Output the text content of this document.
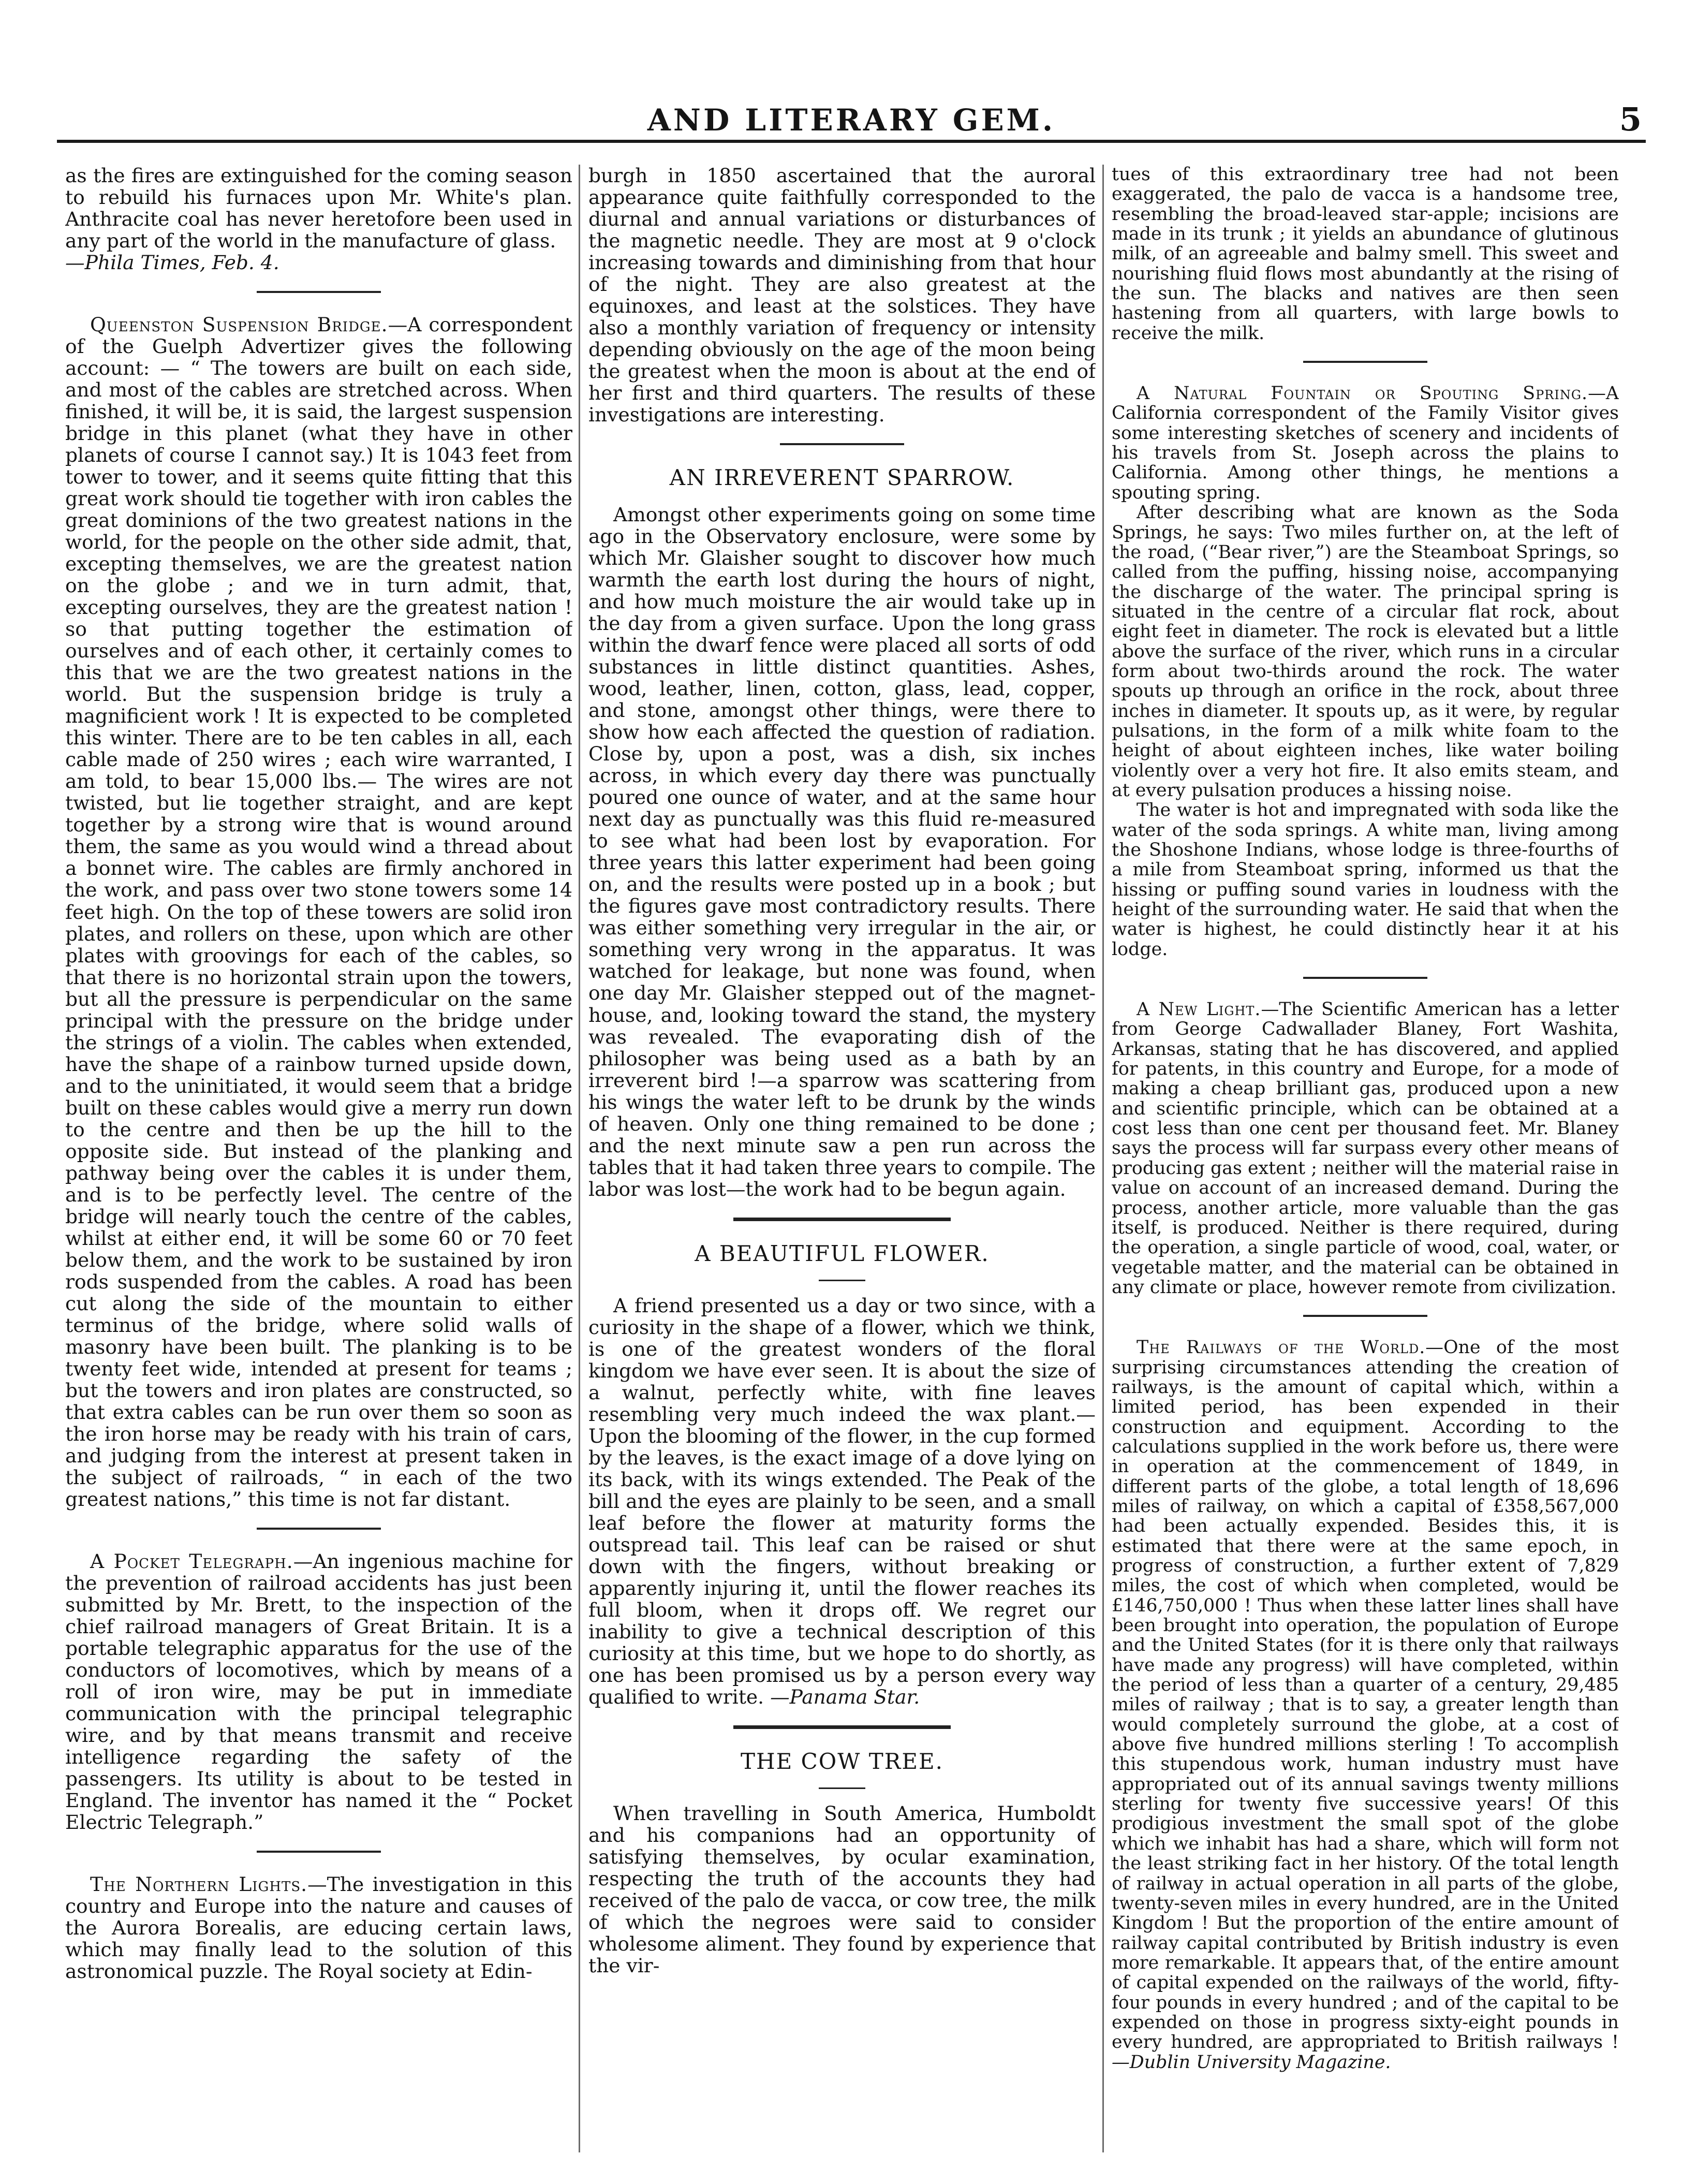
AND LITERARY GEM.	5

as the fires are extinguished for the coming season to rebuild his furnaces upon Mr. White's plan. Anthracite coal has never heretofore been used in any part of the world in the manufacture of glass.
—Phila Times, Feb. 4.

Queenston Suspension Bridge.—A correspondent of the Guelph Advertizer gives the following account: — “ The towers are built on each side, and most of the cables are stretched across. When finished, it will be, it is said, the largest suspension bridge in this planet (what they have in other planets of course I cannot say.) It is 1043 feet from tower to tower, and it seems quite fitting that this great work should tie together with iron cables the great dominions of the two greatest nations in the world, for the people on the other side admit, that, excepting themselves, we are the greatest nation on the globe ; and we in turn admit, that, excepting ourselves, they are the greatest nation ! so that putting together the estimation of ourselves and of each other, it certainly comes to this that we are the two greatest nations in the world. But the suspension bridge is truly a magnificient work ! It is expected to be completed this winter. There are to be ten cables in all, each cable made of 250 wires ; each wire warranted, I am told, to bear 15,000 lbs.— The wires are not twisted, but lie together straight, and are kept together by a strong wire that is wound around them, the same as you would wind a thread about a bonnet wire. The cables are firmly anchored in the work, and pass over two stone towers some 14 feet high. On the top of these towers are solid iron plates, and rollers on these, upon which are other plates with groovings for each of the cables, so that there is no horizontal strain upon the towers, but all the pressure is perpendicular on the same principal with the pressure on the bridge under the strings of a violin. The cables when extended, have the shape of a rainbow turned upside down, and to the uninitiated, it would seem that a bridge built on these cables would give a merry run down to the centre and then be up the hill to the opposite side. But instead of the planking and pathway being over the cables it is under them, and is to be perfectly level. The centre of the bridge will nearly touch the centre of the cables, whilst at either end, it will be some 60 or 70 feet below them, and the work to be sustained by iron rods suspended from the cables. A road has been cut along the side of the mountain to either terminus of the bridge, where solid walls of masonry have been built. The planking is to be twenty feet wide, intended at present for teams ; but the towers and iron plates are constructed, so that extra cables can be run over them so soon as the iron horse may be ready with his train of cars, and judging from the interest at present taken in the subject of railroads, “ in each of the two greatest nations,” this time is not far distant.

A Pocket Telegraph.—An ingenious machine for the prevention of railroad accidents has just been submitted by Mr. Brett, to the inspection of the chief railroad managers of Great Britain. It is a portable telegraphic apparatus for the use of the conductors of locomotives, which by means of a roll of iron wire, may be put in immediate communication with the principal telegraphic wire, and by that means transmit and receive intelligence regarding the safety of the passengers. Its utility is about to be tested in England. The inventor has named it the “ Pocket Electric Telegraph.”

The Northern Lights.—The investigation in this country and Europe into the nature and causes of the Aurora Borealis, are educing certain laws, which may finally lead to the solution of this astronomical puzzle. The Royal society at Edin-

burgh in 1850 ascertained that the auroral appearance quite faithfully corresponded to the diurnal and annual variations or disturbances of the magnetic needle. They are most at 9 o'clock increasing towards and diminishing from that hour of the night. They are also greatest at the equinoxes, and least at the solstices. They have also a monthly variation of frequency or intensity depending obviously on the age of the moon being the greatest when the moon is about at the end of her first and third quarters. The results of these investigations are interesting.

AN IRREVERENT SPARROW.

Amongst other experiments going on some time ago in the Observatory enclosure, were some by which Mr. Glaisher sought to discover how much warmth the earth lost during the hours of night, and how much moisture the air would take up in the day from a given surface. Upon the long grass within the dwarf fence were placed all sorts of odd substances in little distinct quantities. Ashes, wood, leather, linen, cotton, glass, lead, copper, and stone, amongst other things, were there to show how each affected the question of radiation. Close by, upon a post, was a dish, six inches across, in which every day there was punctually poured one ounce of water, and at the same hour next day as punctually was this fluid re-measured to see what had been lost by evaporation. For three years this latter experiment had been going on, and the results were posted up in a book ; but the figures gave most contradictory results. There was either something very irregular in the air, or something very wrong in the apparatus. It was watched for leakage, but none was found, when one day Mr. Glaisher stepped out of the magnet-house, and, looking toward the stand, the mystery was revealed. The evaporating dish of the philosopher was being used as a bath by an irreverent bird !—a sparrow was scattering from his wings the water left to be drunk by the winds of heaven. Only one thing remained to be done ; and the next minute saw a pen run across the tables that it had taken three years to compile. The labor was lost—the work had to be begun again.

A BEAUTIFUL FLOWER.

A friend presented us a day or two since, with a curiosity in the shape of a flower, which we think, is one of the greatest wonders of the floral kingdom we have ever seen. It is about the size of a walnut, perfectly white, with fine leaves resembling very much indeed the wax plant.— Upon the blooming of the flower, in the cup formed by the leaves, is the exact image of a dove lying on its back, with its wings extended. The Peak of the bill and the eyes are plainly to be seen, and a small leaf before the flower at maturity forms the outspread tail. This leaf can be raised or shut down with the fingers, without breaking or apparently injuring it, until the flower reaches its full bloom, when it drops off. We regret our inability to give a technical description of this curiosity at this time, but we hope to do shortly, as one has been promised us by a person every way qualified to write. —Panama Star.

THE COW TREE.

When travelling in South America, Humboldt and his companions had an opportunity of satisfying themselves, by ocular examination, respecting the truth of the accounts they had received of the palo de vacca, or cow tree, the milk of which the negroes were said to consider wholesome aliment. They found by experience that the vir-

tues of this extraordinary tree had not been exaggerated, the palo de vacca is a handsome tree, resembling the broad-leaved star-apple; incisions are made in its trunk ; it yields an abundance of glutinous milk, of an agreeable and balmy smell. This sweet and nourishing fluid flows most abundantly at the rising of the sun. The blacks and natives are then seen hastening from all quarters, with large bowls to receive the milk.

A Natural Fountain or Spouting Spring.—A California correspondent of the Family Visitor gives some interesting sketches of scenery and incidents of his travels from St. Joseph across the plains to California. Among other things, he mentions a spouting spring.

After describing what are known as the Soda Springs, he says: Two miles further on, at the left of the road, (“Bear river,”) are the Steamboat Springs, so called from the puffing, hissing noise, accompanying the discharge of the water. The principal spring is situated in the centre of a circular flat rock, about eight feet in diameter. The rock is elevated but a little above the surface of the river, which runs in a circular form about two-thirds around the rock. The water spouts up through an orifice in the rock, about three inches in diameter. It spouts up, as it were, by regular pulsations, in the form of a milk white foam to the height of about eighteen inches, like water boiling violently over a very hot fire. It also emits steam, and at every pulsation produces a hissing noise.

The water is hot and impregnated with soda like the water of the soda springs. A white man, living among the Shoshone Indians, whose lodge is three-fourths of a mile from Steamboat spring, informed us that the hissing or puffing sound varies in loudness with the height of the surrounding water. He said that when the water is highest, he could distinctly hear it at his lodge.

A New Light.—The Scientific American has a letter from George Cadwallader Blaney, Fort Washita, Arkansas, stating that he has discovered, and applied for patents, in this country and Europe, for a mode of making a cheap brilliant gas, produced upon a new and scientific principle, which can be obtained at a cost less than one cent per thousand feet. Mr. Blaney says the process will far surpass every other means of producing gas extent ; neither will the material raise in value on account of an increased demand. During the process, another article, more valuable than the gas itself, is produced. Neither is there required, during the operation, a single particle of wood, coal, water, or vegetable matter, and the material can be obtained in any climate or place, however remote from civilization.

The Railways of the World.—One of the most surprising circumstances attending the creation of railways, is the amount of capital which, within a limited period, has been expended in their construction and equipment. According to the calculations supplied in the work before us, there were in operation at the commencement of 1849, in different parts of the globe, a total length of 18,696 miles of railway, on which a capital of £358,567,000 had been actually expended. Besides this, it is estimated that there were at the same epoch, in progress of construction, a further extent of 7,829 miles, the cost of which when completed, would be £146,750,000 ! Thus when these latter lines shall have been brought into operation, the population of Europe and the United States (for it is there only that railways have made any progress) will have completed, within the period of less than a quarter of a century, 29,485 miles of railway ; that is to say, a greater length than would completely surround the globe, at a cost of above five hundred millions sterling ! To accomplish this stupendous work, human industry must have appropriated out of its annual savings twenty millions sterling for twenty five successive years! Of this prodigious investment the small spot of the globe which we inhabit has had a share, which will form not the least striking fact in her history. Of the total length of railway in actual operation in all parts of the globe, twenty-seven miles in every hundred, are in the United Kingdom ! But the proportion of the entire amount of railway capital contributed by British industry is even more remarkable. It appears that, of the entire amount of capital expended on the railways of the world, fifty-four pounds in every hundred ; and of the capital to be expended on those in progress sixty-eight pounds in every hundred, are appropriated to British railways ! —Dublin University Magazine.
